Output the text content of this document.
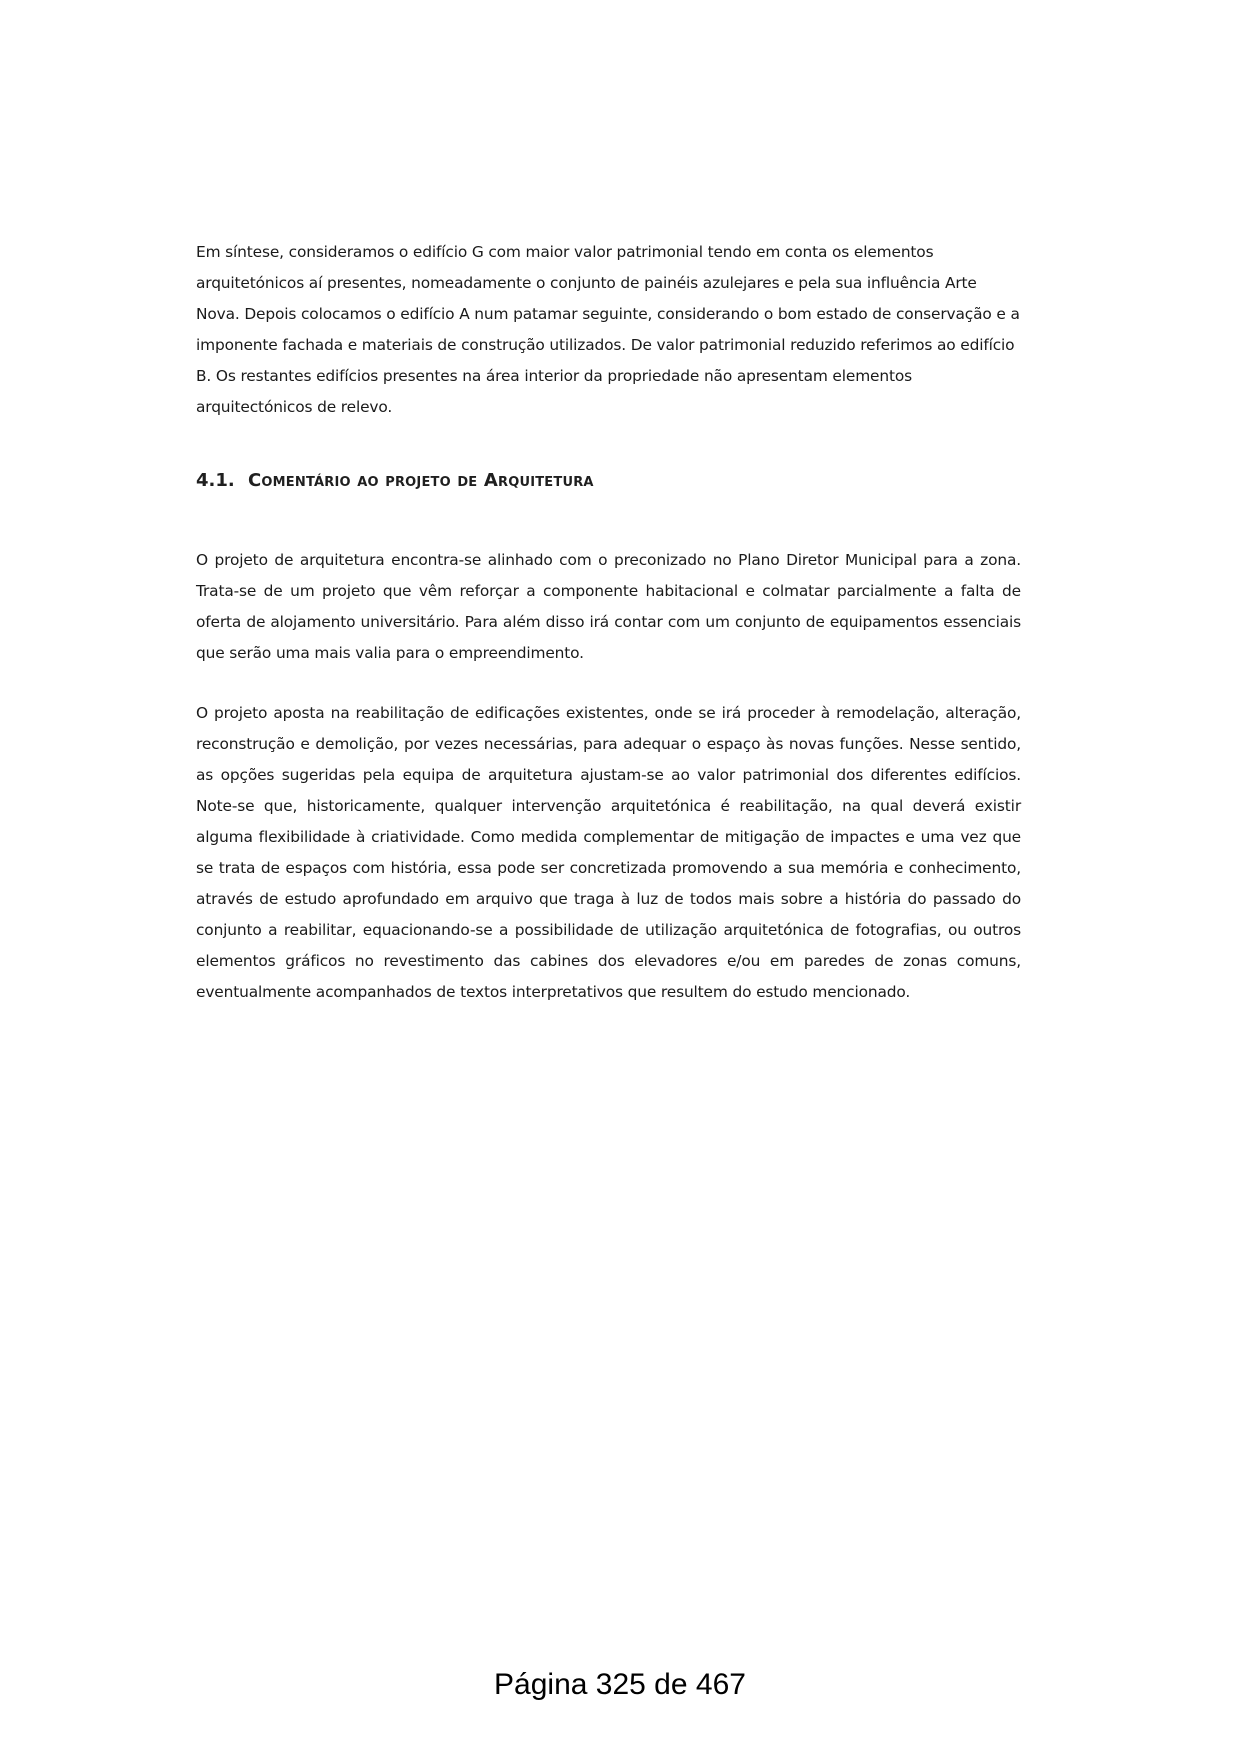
Em síntese, consideramos o edifício G com maior valor patrimonial tendo em conta os elementos arquitetónicos aí presentes, nomeadamente o conjunto de painéis azulejares e pela sua influência Arte Nova. Depois colocamos o edifício A num patamar seguinte, considerando o bom estado de conservação e a imponente fachada e materiais de construção utilizados. De valor patrimonial reduzido referimos ao edifício B. Os restantes edifícios presentes na área interior da propriedade não apresentam elementos arquitectónicos de relevo.

4.1. Comentário ao projeto de Arquitetura

O projeto de arquitetura encontra-se alinhado com o preconizado no Plano Diretor Municipal para a zona. Trata-se de um projeto que vêm reforçar a componente habitacional e colmatar parcialmente a falta de oferta de alojamento universitário. Para além disso irá contar com um conjunto de equipamentos essenciais que serão uma mais valia para o empreendimento.

O projeto aposta na reabilitação de edificações existentes, onde se irá proceder à remodelação, alteração, reconstrução e demolição, por vezes necessárias, para adequar o espaço às novas funções. Nesse sentido, as opções sugeridas pela equipa de arquitetura ajustam-se ao valor patrimonial dos diferentes edifícios. Note-se que, historicamente, qualquer intervenção arquitetónica é reabilitação, na qual deverá existir alguma flexibilidade à criatividade. Como medida complementar de mitigação de impactes e uma vez que se trata de espaços com história, essa pode ser concretizada promovendo a sua memória e conhecimento, através de estudo aprofundado em arquivo que traga à luz de todos mais sobre a história do passado do conjunto a reabilitar, equacionando-se a possibilidade de utilização arquitetónica de fotografias, ou outros elementos gráficos no revestimento das cabines dos elevadores e/ou em paredes de zonas comuns, eventualmente acompanhados de textos interpretativos que resultem do estudo mencionado.

Página 325 de 467
